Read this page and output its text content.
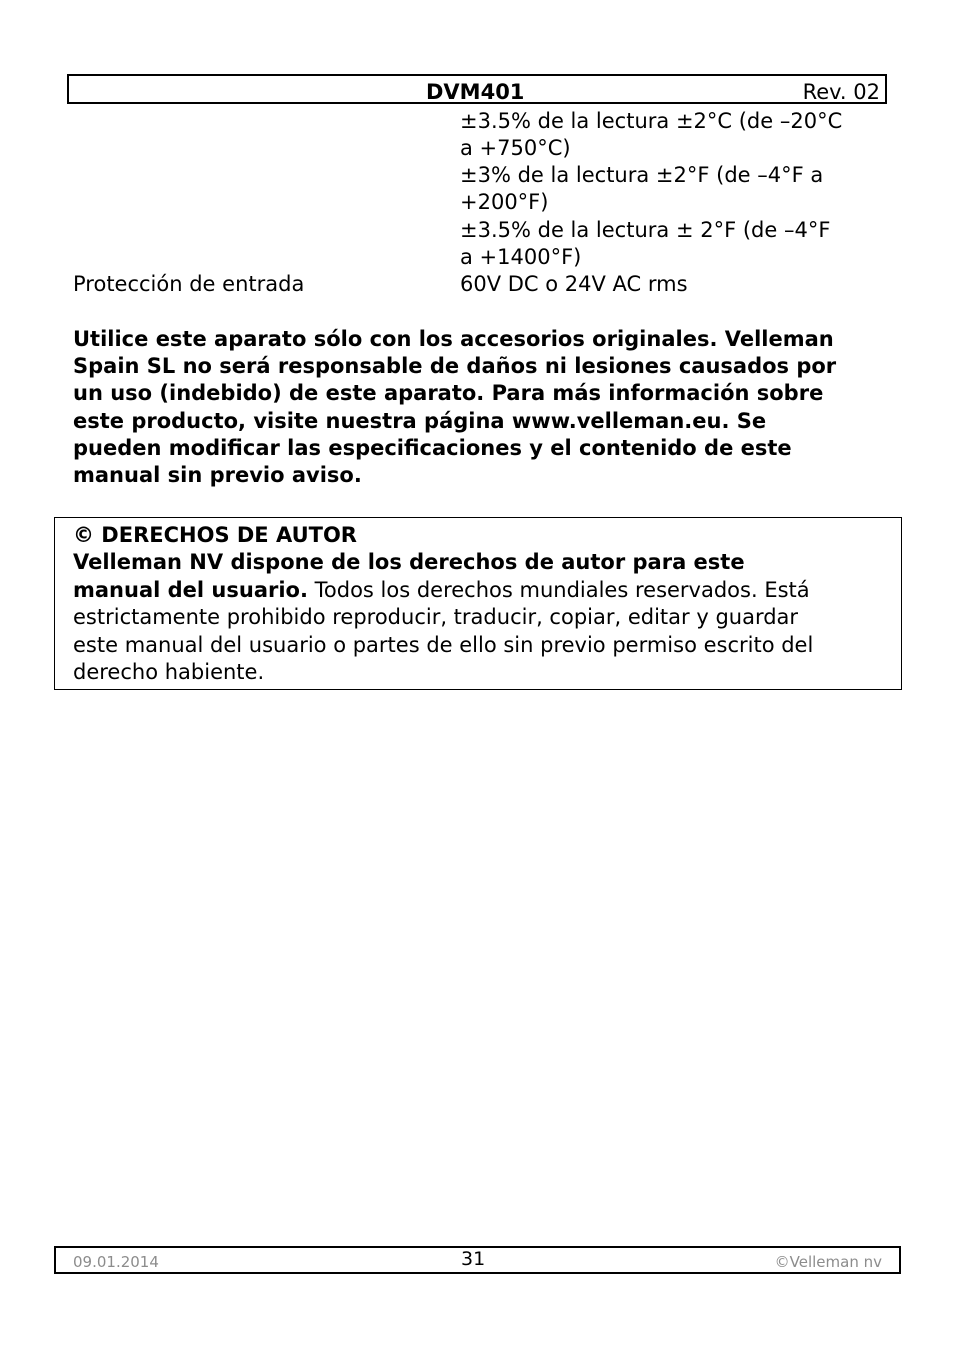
DVM401	Rev. 02
±3.5% de la lectura ±2°C (de –20°C
a +750°C)
±3% de la lectura ±2°F (de –4°F a
+200°F)
±3.5% de la lectura ± 2°F (de –4°F
a +1400°F)
Protección de entrada	60V DC o 24V AC rms
Utilice este aparato sólo con los accesorios originales. Velleman
Spain SL no será responsable de daños ni lesiones causados por
un uso (indebido) de este aparato. Para más información sobre
este producto, visite nuestra página www.velleman.eu. Se
pueden modificar las especificaciones y el contenido de este
manual sin previo aviso.
© DERECHOS DE AUTOR
Velleman NV dispone de los derechos de autor para este
manual del usuario. Todos los derechos mundiales reservados. Está
estrictamente prohibido reproducir, traducir, copiar, editar y guardar
este manual del usuario o partes de ello sin previo permiso escrito del
derecho habiente.
09.01.2014	31	©Velleman nv
